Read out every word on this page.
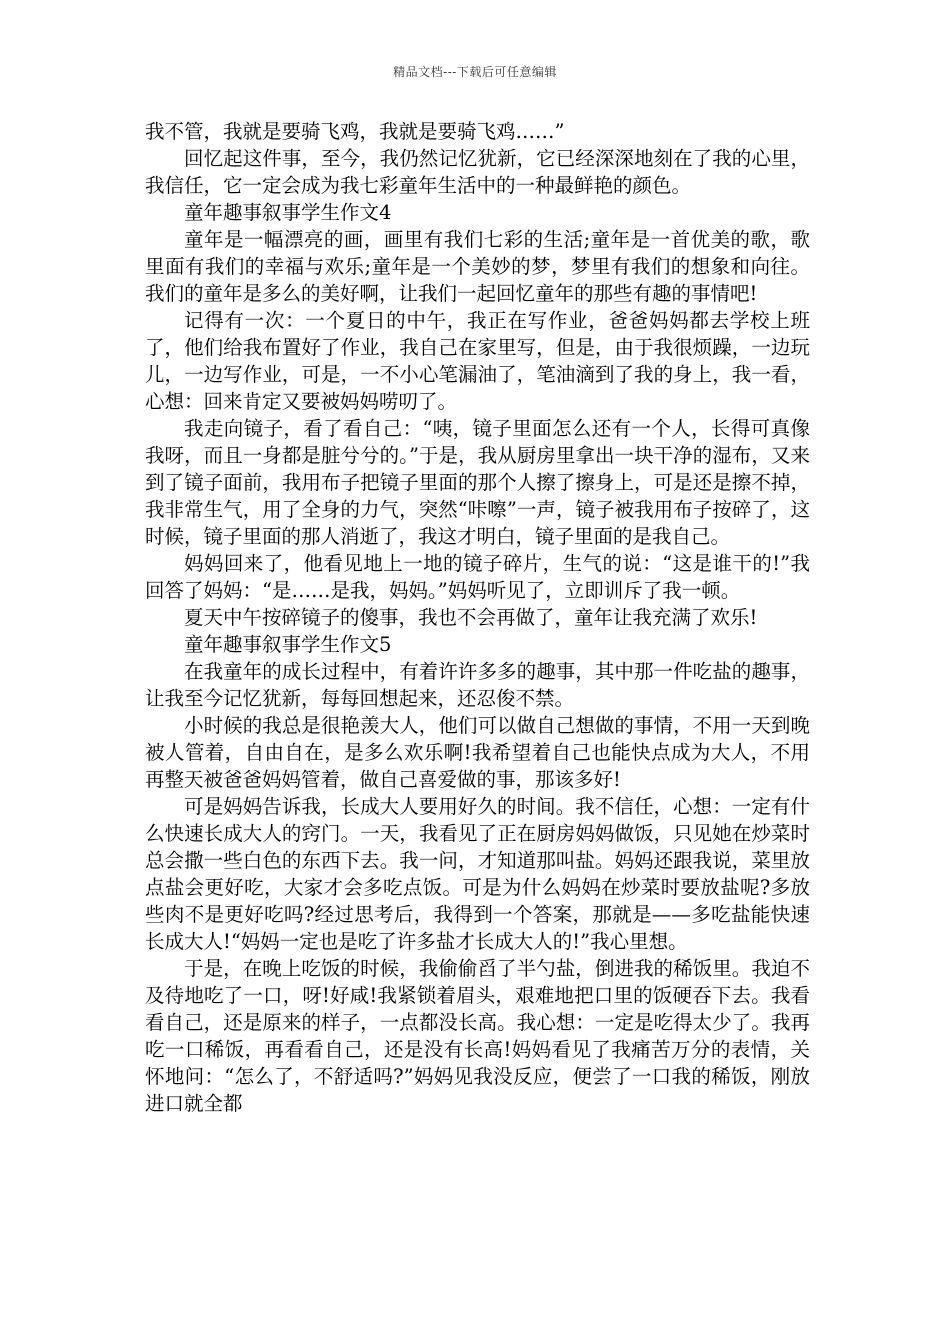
精品文档---下载后可任意编辑

我不管，我就是要骑飞鸡，我就是要骑飞鸡……”

回忆起这件事，至今，我仍然记忆犹新，它已经深深地刻在了我的心里，我信任，它一定会成为我七彩童年生活中的一种最鲜艳的颜色。

童年趣事叙事学生作文4

童年是一幅漂亮的画，画里有我们七彩的生活;童年是一首优美的歌，歌里面有我们的幸福与欢乐;童年是一个美妙的梦，梦里有我们的想象和向往。我们的童年是多么的美好啊，让我们一起回忆童年的那些有趣的事情吧!

记得有一次：一个夏日的中午，我正在写作业，爸爸妈妈都去学校上班了，他们给我布置好了作业，我自己在家里写，但是，由于我很烦躁，一边玩儿，一边写作业，可是，一不小心笔漏油了，笔油滴到了我的身上，我一看，心想：回来肯定又要被妈妈唠叨了。

我走向镜子，看了看自己：“咦，镜子里面怎么还有一个人，长得可真像我呀，而且一身都是脏兮兮的。”于是，我从厨房里拿出一块干净的湿布，又来到了镜子面前，我用布子把镜子里面的那个人擦了擦身上，可是还是擦不掉，我非常生气，用了全身的力气，突然“咔嚓”一声，镜子被我用布子按碎了，这时候，镜子里面的那人消逝了，我这才明白，镜子里面的是我自己。

妈妈回来了，他看见地上一地的镜子碎片，生气的说：“这是谁干的!”我回答了妈妈：“是……是我，妈妈。”妈妈听见了，立即训斥了我一顿。

夏天中午按碎镜子的傻事，我也不会再做了，童年让我充满了欢乐!

童年趣事叙事学生作文5

在我童年的成长过程中，有着许许多多的趣事，其中那一件吃盐的趣事，让我至今记忆犹新，每每回想起来，还忍俊不禁。

小时候的我总是很艳羡大人，他们可以做自己想做的事情，不用一天到晚被人管着，自由自在，是多么欢乐啊!我希望着自己也能快点成为大人，不用再整天被爸爸妈妈管着，做自己喜爱做的事，那该多好!

可是妈妈告诉我，长成大人要用好久的时间。我不信任，心想：一定有什么快速长成大人的窍门。一天，我看见了正在厨房妈妈做饭，只见她在炒菜时总会撒一些白色的东西下去。我一问，才知道那叫盐。妈妈还跟我说，菜里放点盐会更好吃，大家才会多吃点饭。可是为什么妈妈在炒菜时要放盐呢?多放些肉不是更好吃吗?经过思考后，我得到一个答案，那就是——多吃盐能快速长成大人!“妈妈一定也是吃了许多盐才长成大人的!”我心里想。

于是，在晚上吃饭的时候，我偷偷舀了半勺盐，倒进我的稀饭里。我迫不及待地吃了一口，呀!好咸!我紧锁着眉头，艰难地把口里的饭硬吞下去。我看看自己，还是原来的样子，一点都没长高。我心想：一定是吃得太少了。我再吃一口稀饭，再看看自己，还是没有长高!妈妈看见了我痛苦万分的表情，关怀地问：“怎么了，不舒适吗?”妈妈见我没反应，便尝了一口我的稀饭，刚放进口就全都
